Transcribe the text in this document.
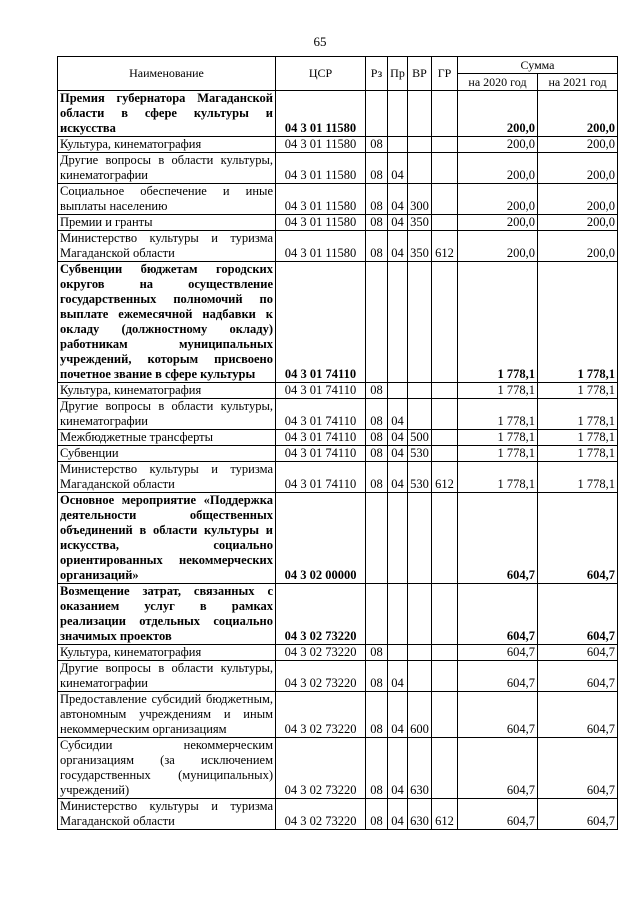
65
Наименование	ЦСР	Рз	Пр	ВР	ГР	Сумма	
						на 2020 год	на 2021 год
Премия губернатора Магаданской области в сфере культуры и искусства	04 3 01 11580					200,0	200,0
Культура, кинематография	04 3 01 11580	08				200,0	200,0
Другие вопросы в области культуры, кинематографии	04 3 01 11580	08	04			200,0	200,0
Социальное обеспечение и иные выплаты населению	04 3 01 11580	08	04	300		200,0	200,0
Премии и гранты	04 3 01 11580	08	04	350		200,0	200,0
Министерство культуры и туризма Магаданской области	04 3 01 11580	08	04	350	612	200,0	200,0
Субвенции бюджетам городских округов на осуществление государственных полномочий по выплате ежемесячной надбавки к окладу (должностному окладу) работникам муниципальных учреждений, которым присвоено почетное звание в сфере культуры	04 3 01 74110					1 778,1	1 778,1
Культура, кинематография	04 3 01 74110	08				1 778,1	1 778,1
Другие вопросы в области культуры, кинематографии	04 3 01 74110	08	04			1 778,1	1 778,1
Межбюджетные трансферты	04 3 01 74110	08	04	500		1 778,1	1 778,1
Субвенции	04 3 01 74110	08	04	530		1 778,1	1 778,1
Министерство культуры и туризма Магаданской области	04 3 01 74110	08	04	530	612	1 778,1	1 778,1
Основное мероприятие «Поддержка деятельности общественных объединений в области культуры и искусства, социально ориентированных некоммерческих организаций»	04 3 02 00000					604,7	604,7
Возмещение затрат, связанных с оказанием услуг в рамках реализации отдельных социально значимых проектов	04 3 02 73220					604,7	604,7
Культура, кинематография	04 3 02 73220	08				604,7	604,7
Другие вопросы в области культуры, кинематографии	04 3 02 73220	08	04			604,7	604,7
Предоставление субсидий бюджетным, автономным учреждениям и иным некоммерческим организациям	04 3 02 73220	08	04	600		604,7	604,7
Субсидии некоммерческим организациям (за исключением государственных (муниципальных) учреждений)	04 3 02 73220	08	04	630		604,7	604,7
Министерство культуры и туризма Магаданской области	04 3 02 73220	08	04	630	612	604,7	604,7
